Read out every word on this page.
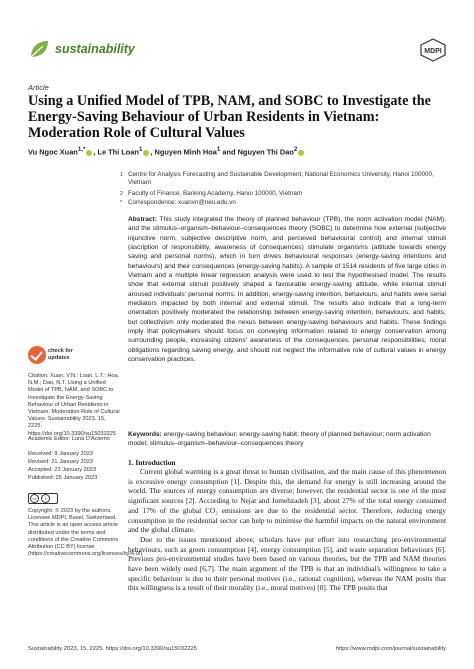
sustainability	MDPI
Article
Using a Unified Model of TPB, NAM, and SOBC to Investigate the Energy-Saving Behaviour of Urban Residents in Vietnam: Moderation Role of Cultural Values
Vu Ngoc Xuan$^{1,*}$ , Le Thi Loan$^1$ , Nguyen Minh Hoa$^1$ and Nguyen Thi Dao$^2$
1 Centre for Analysis Forecasting and Sustainable Development, National Economics University, Hanoi 100000, Vietnam
2 Faculty of Finance, Banking Academy, Hanoi 100000, Vietnam
* Correspondence: xuanvn@neu.edu.vn
Abstract: This study integrated the theory of planned behaviour (TPB), the norm activation model (NAM), and the stimulus–organism–behaviour–consequences theory (SOBC) to determine how external (subjective injunctive norm, subjective descriptive norm, and perceived behavioural control) and internal stimuli (ascription of responsibility, awareness of consequences) stimulate organisms (attitude towards energy saving and personal norms), which in turn drives behavioural responses (energy-saving intentions and behaviours) and their consequences (energy-saving habits). A sample of 1514 residents of five large cities in Vietnam and a multiple linear regression analysis were used to test the hypothesised model. The results show that external stimuli positively shaped a favourable energy-saving attitude, while internal stimuli aroused individuals' personal norms. In addition, energy-saving intention, behaviours, and habits were serial mediators impacted by both internal and external stimuli. The results also indicate that a long-term orientation positively moderated the relationship between energy-saving intention, behaviours, and habits, but collectivism only moderated the nexus between energy-saving behaviours and habits. These findings imply that policymakers should focus on conveying information related to energy conservation among surrounding people, increasing citizens' awareness of the consequences, personal responsibilities, moral obligations regarding saving energy, and should not neglect the informative role of cultural values in energy conservation practices.
Keywords: energy-saving behaviour; energy-saving habit; theory of planned behaviour; norm activation model; stimulus–organism–behaviour–consequences theory
check for updates
Citation: Xuan, V.N.; Loan, L.T.; Hoa, N.M.; Dao, N.T. Using a Unified Model of TPB, NAM, and SOBC to Investigate the Energy-Saving Behaviour of Urban Residents in Vietnam: Moderation Role of Cultural Values. Sustainability 2023, 15, 2225. https://doi.org/10.3390/su15032225
Academic Editor: Luna D'Acierno
Received: 9 January 2023
Revised: 21 January 2023
Accepted: 23 January 2023
Published: 25 January 2023
cc	i
Copyright: © 2023 by the authors. Licensee MDPI, Basel, Switzerland. This article is an open access article distributed under the terms and conditions of the Creative Commons Attribution (CC BY) license (https://creativecommons.org/licenses/by/4.0/).
1. Introduction

Current global warming is a great threat to human civilisation, and the main cause of this phenomenon is excessive energy consumption [1]. Despite this, the demand for energy is still increasing around the world. The sources of energy consumption are diverse; however, the residential sector is one of the most significant sources [2]. According to Nejat and Jomehzadeh [3], about 27% of the total energy consumed and 17% of the global CO₂ emissions are due to the residential sector. Therefore, reducing energy consumption in the residential sector can help to minimise the harmful impacts on the natural environment and the global climate.

Due to the issues mentioned above, scholars have put effort into researching pro-environmental behaviours, such as green consumption [4], energy consumption [5], and waste separation behaviours [6]. Previous pro-environmental studies have been based on various theories, but the TPB and NAM theories have been widely used [6,7]. The main argument of the TPB is that an individual's willingness to take a specific behaviour is due to their personal motives (i.e., rational cognition), whereas the NAM posits that this willingness is a result of their morality (i.e., moral motives) [8]. The TPB posits that

Sustainability 2023, 15, 2225. https://doi.org/10.3390/su15032225	https://www.mdpi.com/journal/sustainability
